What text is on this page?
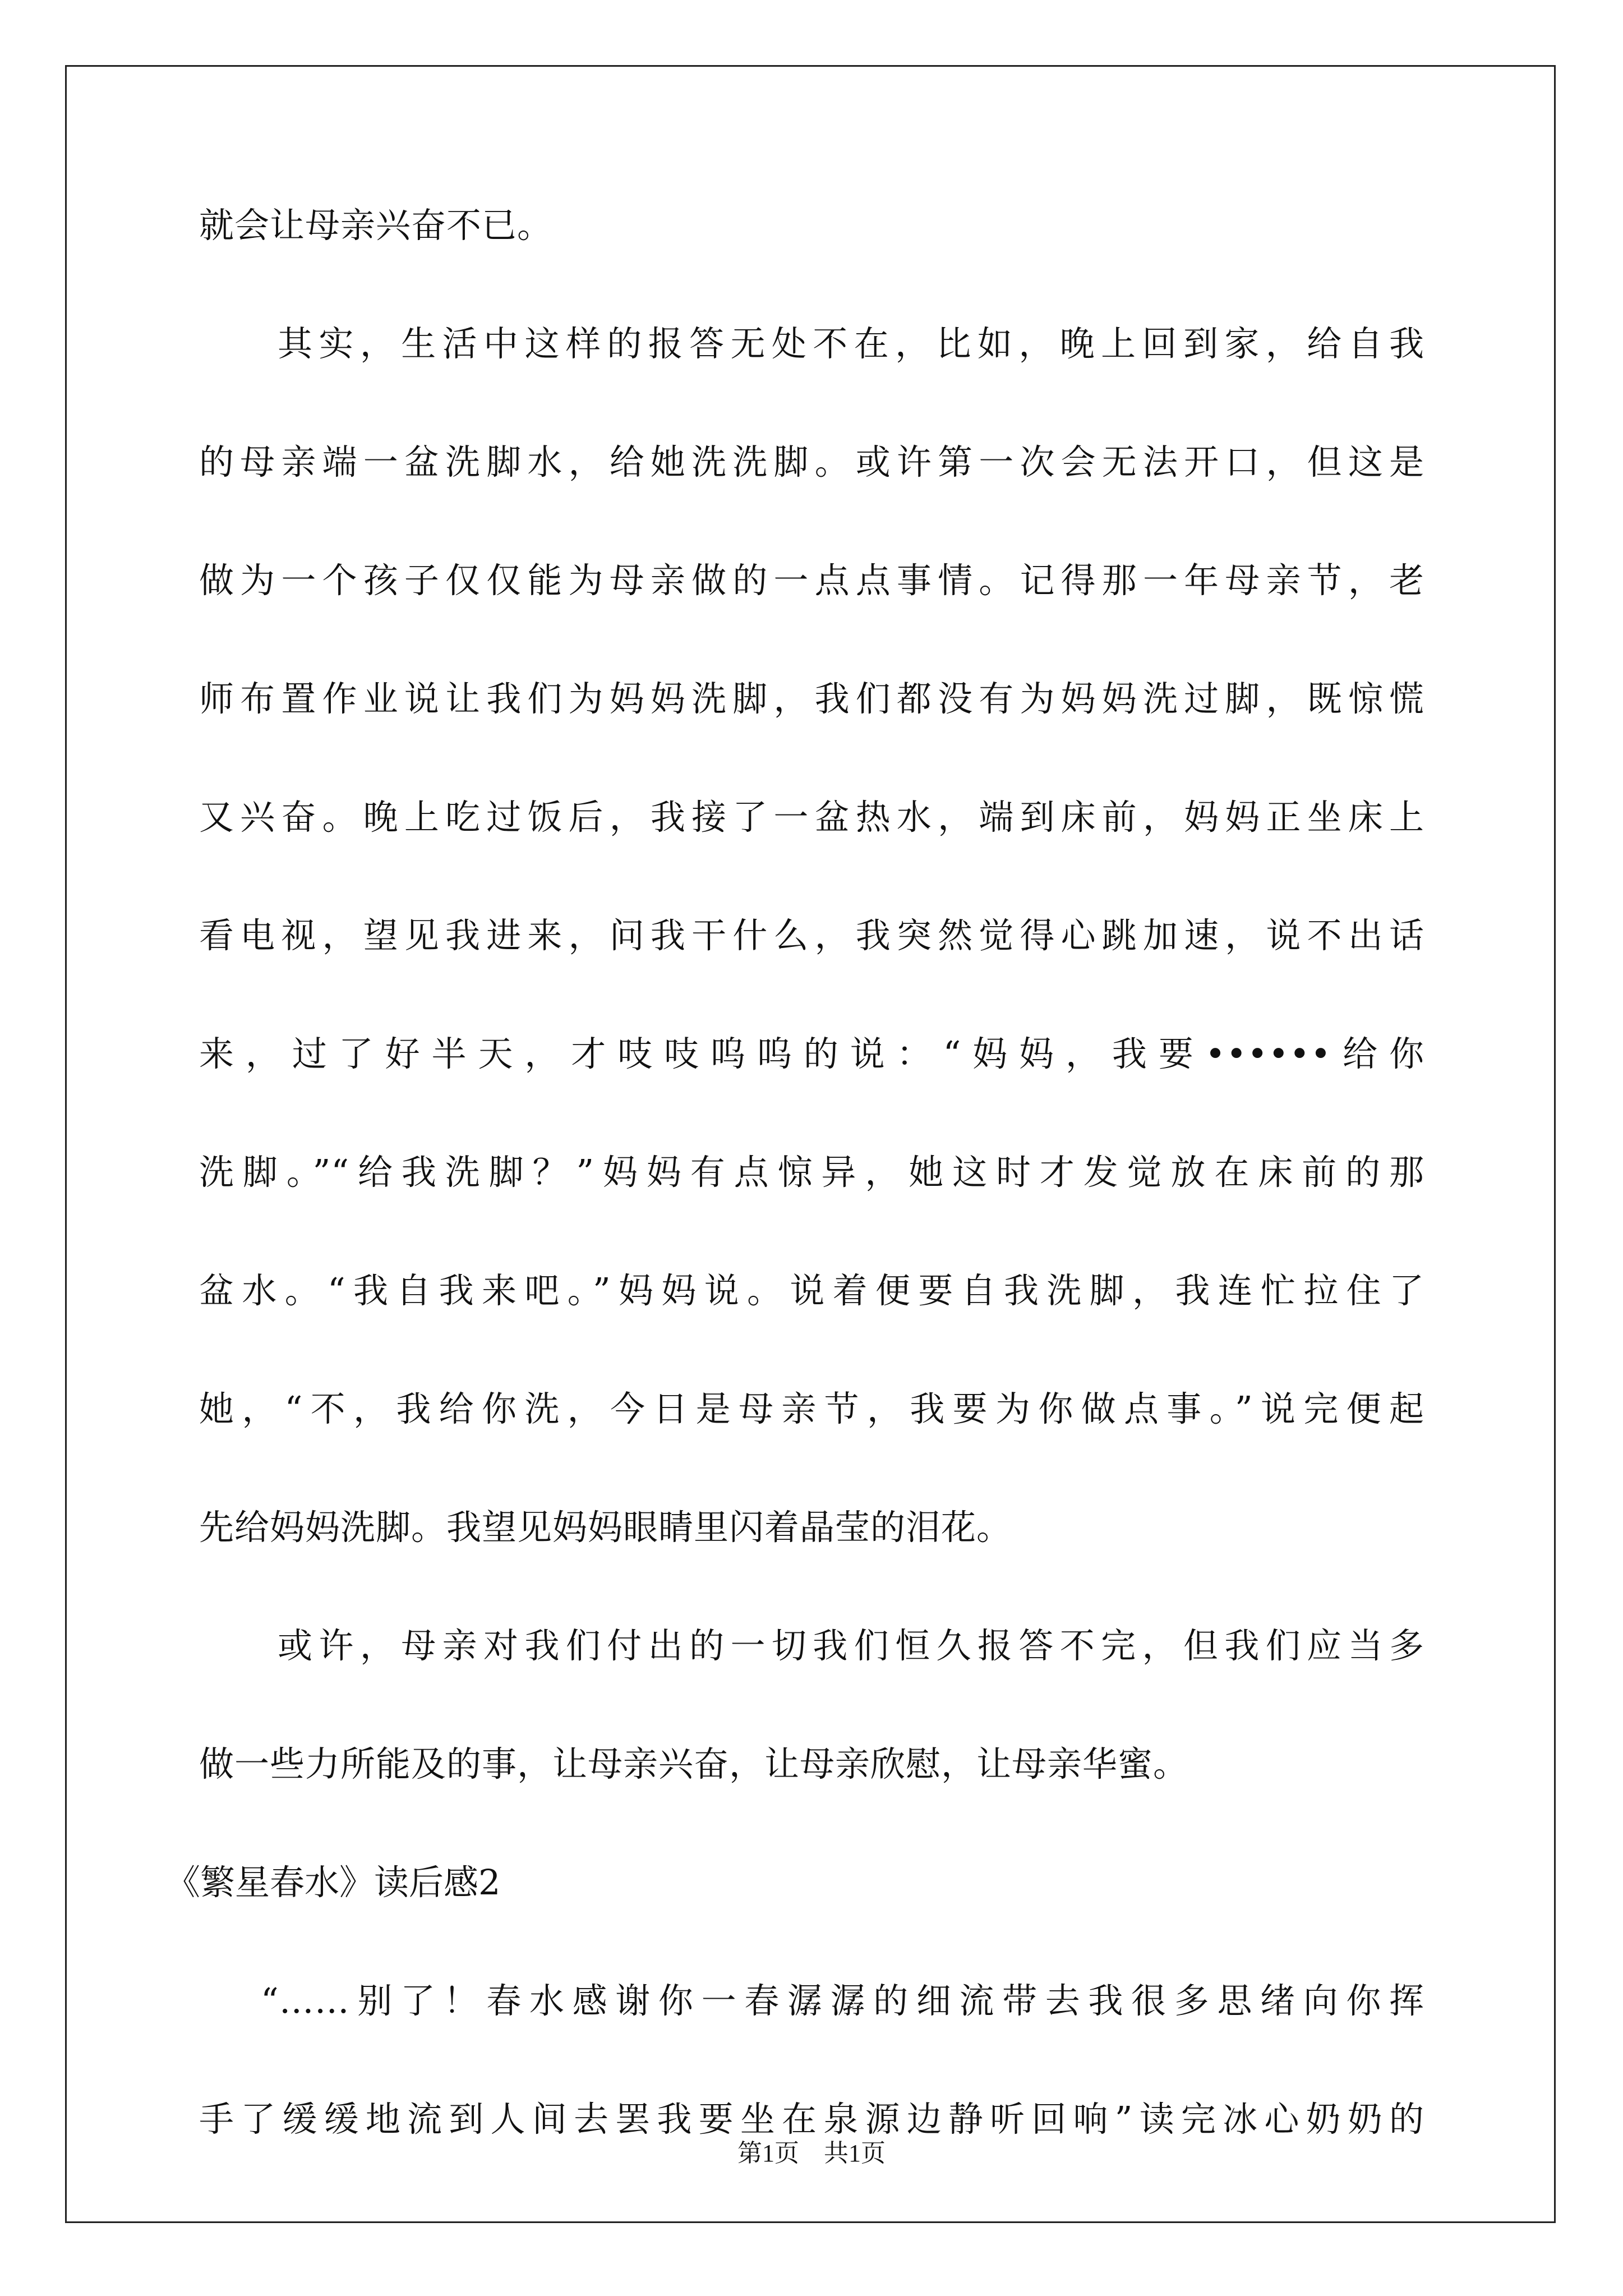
就会让母亲兴奋不已。
其实，生活中这样的报答无处不在，比如，晚上回到家，给自我
的母亲端一盆洗脚水，给她洗洗脚。或许第一次会无法开口，但这是
做为一个孩子仅仅能为母亲做的一点点事情。记得那一年母亲节，老
师布置作业说让我们为妈妈洗脚，我们都没有为妈妈洗过脚，既惊慌
又兴奋。晚上吃过饭后，我接了一盆热水，端到床前，妈妈正坐床上
看电视，望见我进来，问我干什么，我突然觉得心跳加速，说不出话
来，过了好半天，才吱吱呜呜的说：“妈妈，我要••••••给你
洗脚。”“给我洗脚？”妈妈有点惊异，她这时才发觉放在床前的那
盆水。“我自我来吧。”妈妈说。说着便要自我洗脚，我连忙拉住了
她，“不，我给你洗，今日是母亲节，我要为你做点事。”说完便起
先给妈妈洗脚。我望见妈妈眼睛里闪着晶莹的泪花。
或许，母亲对我们付出的一切我们恒久报答不完，但我们应当多
做一些力所能及的事，让母亲兴奋，让母亲欣慰，让母亲华蜜。
《繁星春水》读后感2
“……别了！春水感谢你一春潺潺的细流带去我很多思绪向你挥
手了缓缓地流到人间去罢我要坐在泉源边静听回响”读完冰心奶奶的
第1页　共1页
